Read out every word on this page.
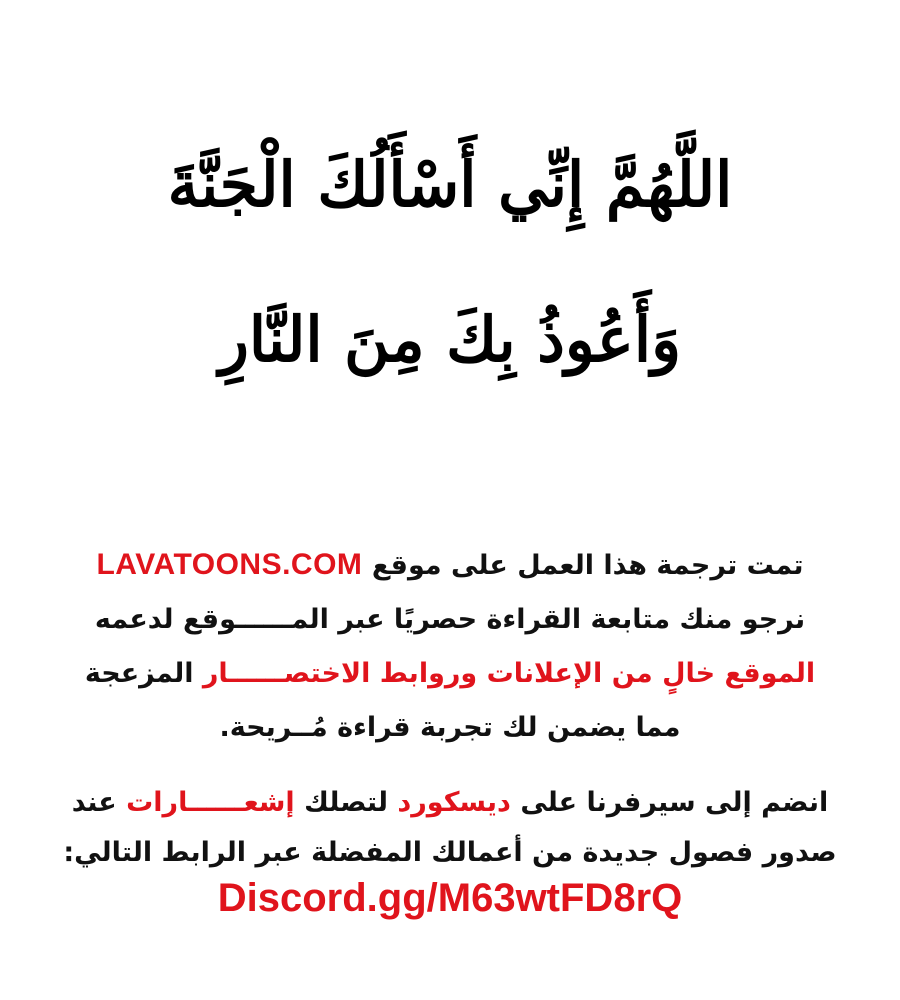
اللَّهُمَّ إِنِّي أَسْأَلُكَ الْجَنَّةَ
وَأَعُوذُ بِكَ مِنَ النَّارِ
تمت ترجمة هذا العمل على موقع LAVATOONS.COM
نرجو منك متابعة القراءة حصريًا عبر المــــــوقع لدعمه
الموقع خالٍ من الإعلانات وروابط الاختصــــــار المزعجة
مما يضمن لك تجربة قراءة مُــريحة.
انضم إلى سيرفرنا على ديسكورد لتصلك إشعــــــارات عند
صدور فصول جديدة من أعمالك المفضلة عبر الرابط التالي:
Discord.gg/M63wtFD8rQ
